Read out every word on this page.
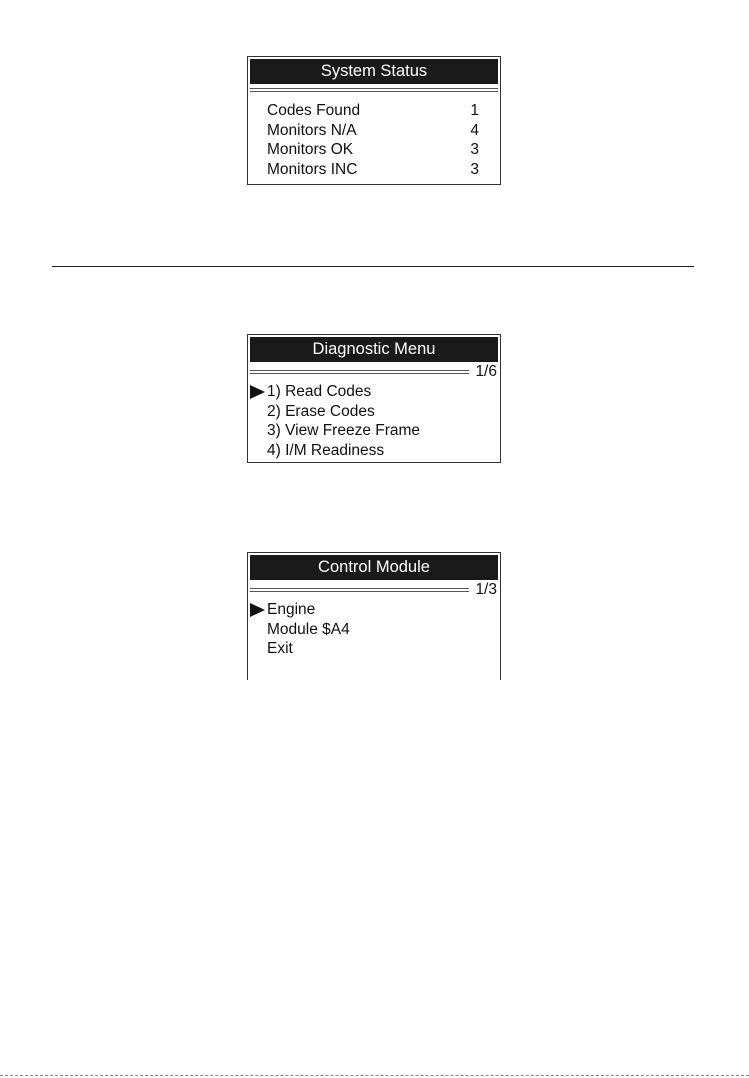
System Status
Codes Found	1
Monitors N/A	4
Monitors OK	3
Monitors INC	3
Diagnostic Menu
1/6
1) Read Codes
2) Erase Codes
3) View Freeze Frame
4) I/M Readiness
Control Module
1/3
Engine
Module $A4
Exit
